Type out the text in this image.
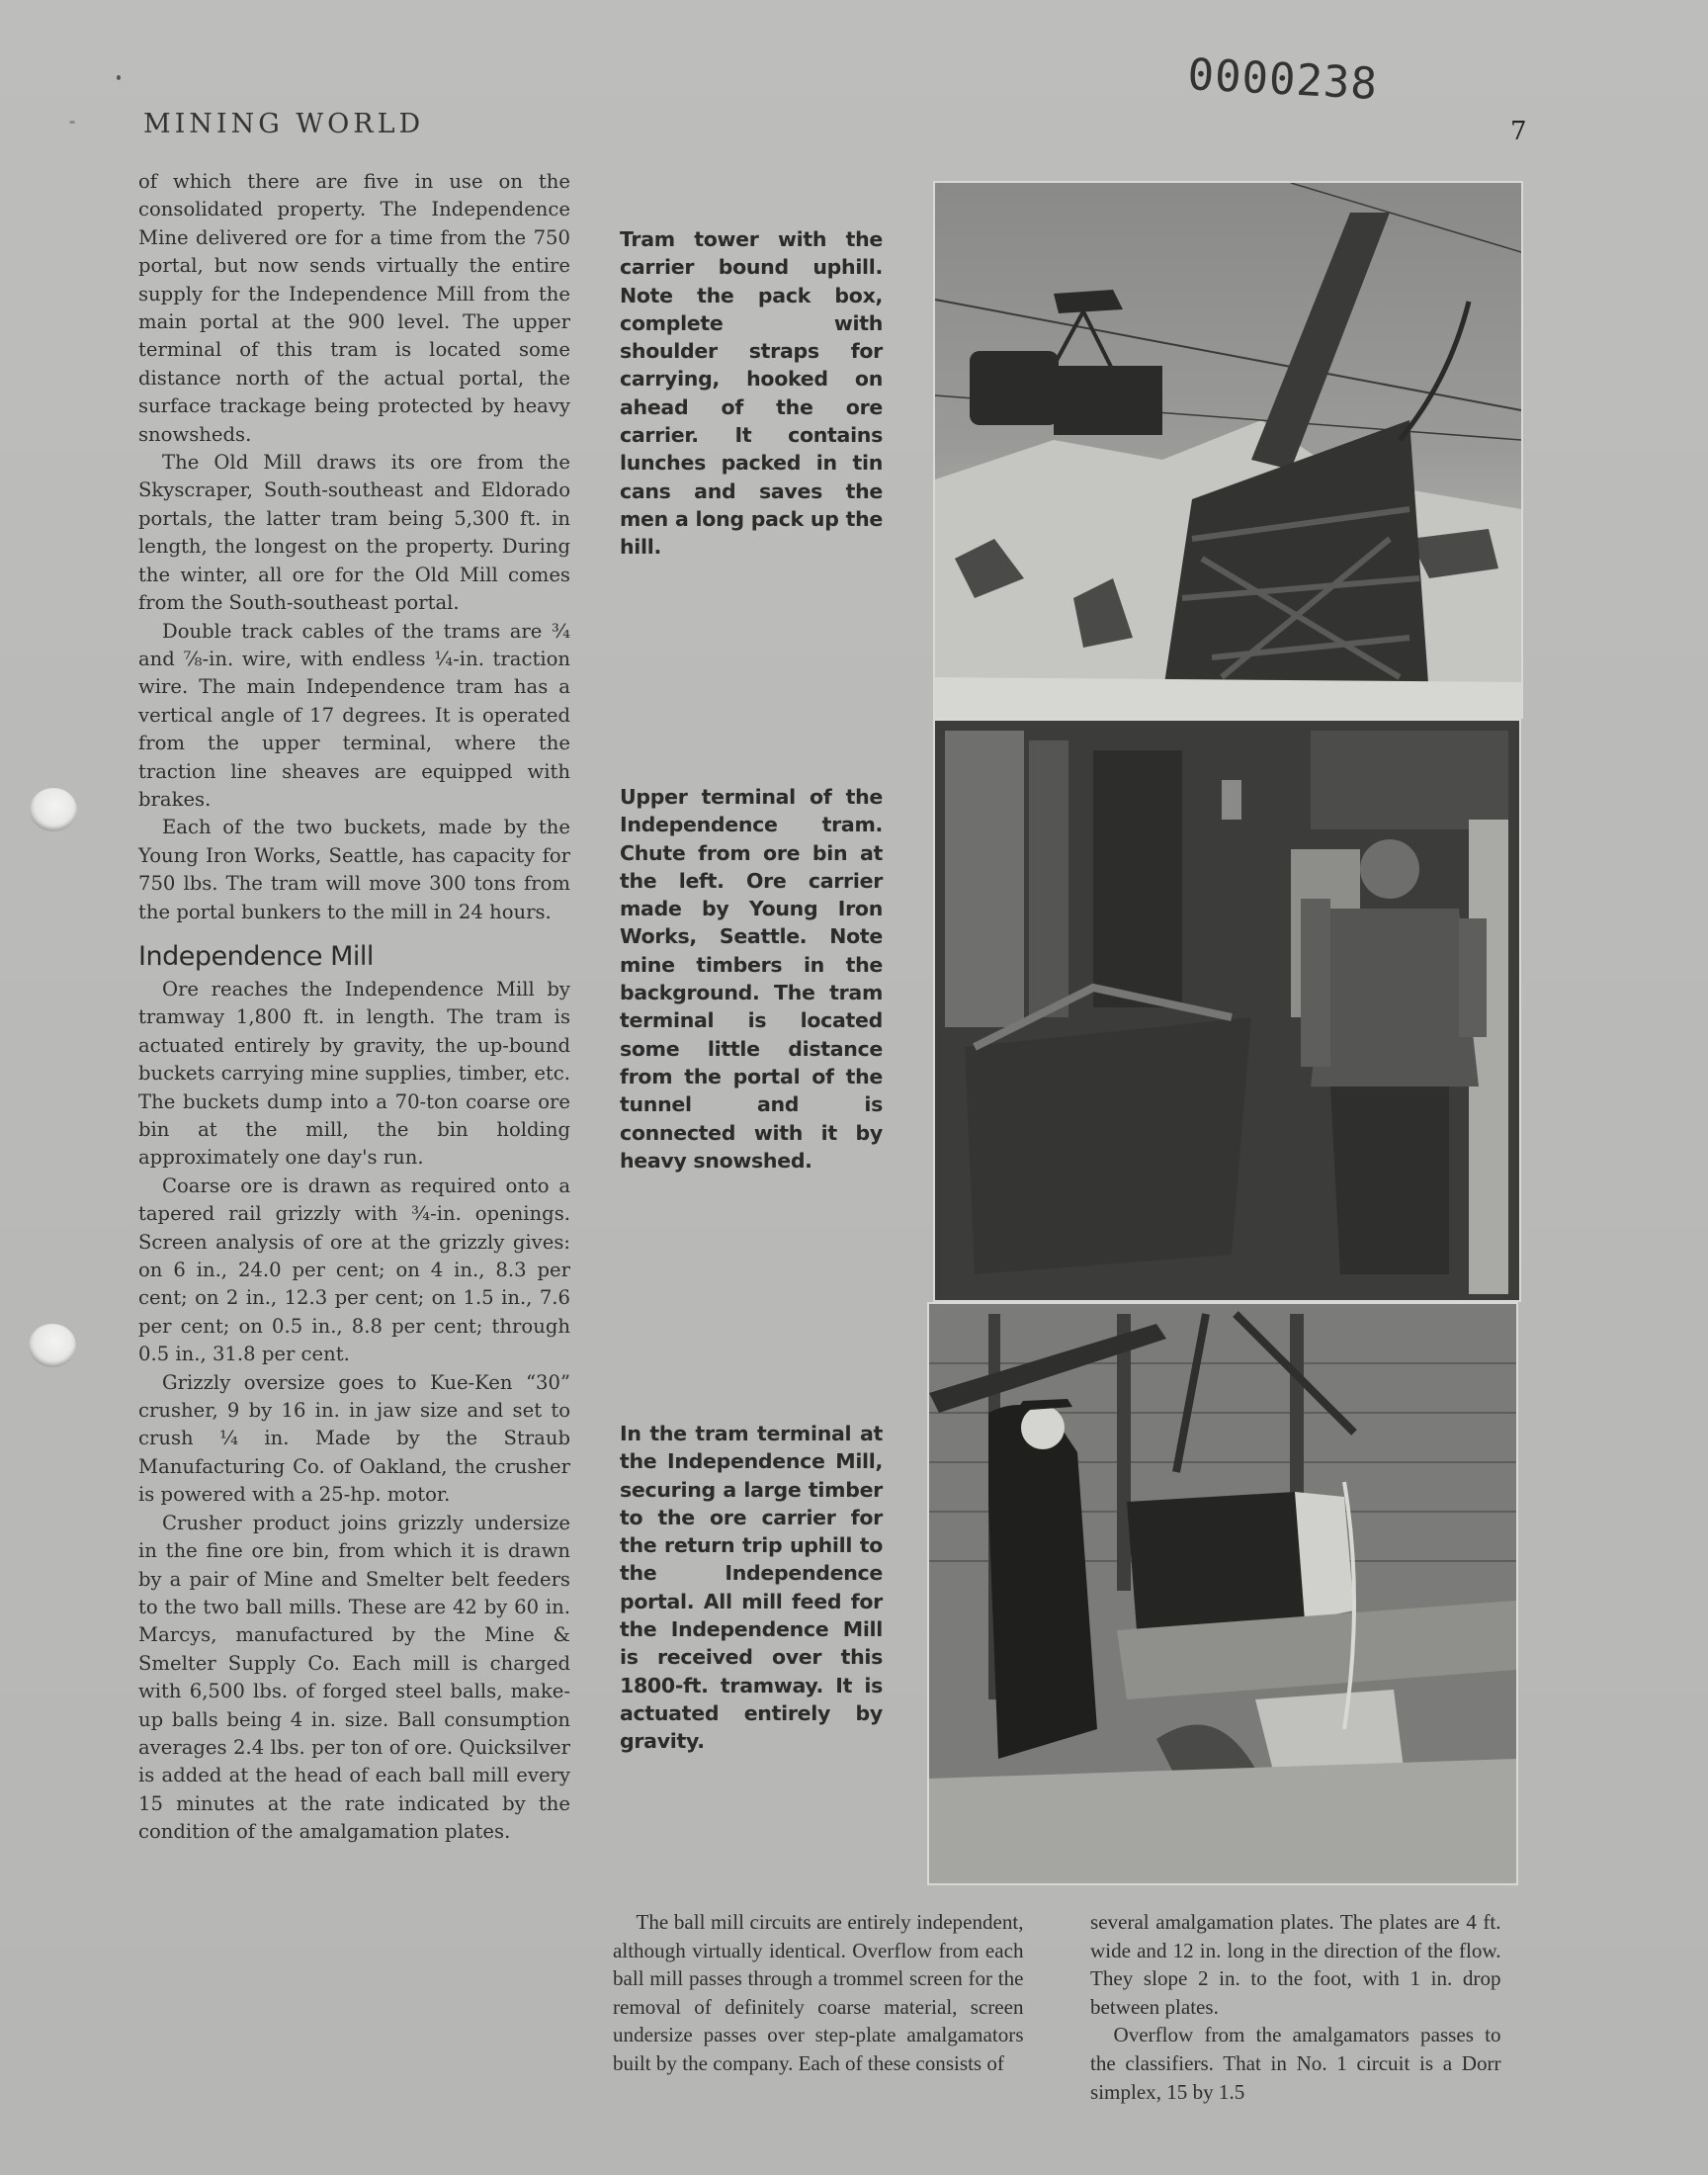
0000238
MINING WORLD	7

of which there are five in use on the consolidated property. The Independence Mine delivered ore for a time from the 750 portal, but now sends virtually the entire supply for the Independence Mill from the main portal at the 900 level. The upper terminal of this tram is located some distance north of the actual portal, the surface trackage being protected by heavy snowsheds.

The Old Mill draws its ore from the Skyscraper, South-southeast and Eldorado portals, the latter tram being 5,300 ft. in length, the longest on the property. During the winter, all ore for the Old Mill comes from the South-southeast portal.

Double track cables of the trams are ¾ and ⅞-in. wire, with endless ¼-in. traction wire. The main Independence tram has a vertical angle of 17 degrees. It is operated from the upper terminal, where the traction line sheaves are equipped with brakes.

Each of the two buckets, made by the Young Iron Works, Seattle, has capacity for 750 lbs. The tram will move 300 tons from the portal bunkers to the mill in 24 hours.

Independence Mill

Ore reaches the Independence Mill by tramway 1,800 ft. in length. The tram is actuated entirely by gravity, the up-bound buckets carrying mine supplies, timber, etc. The buckets dump into a 70-ton coarse ore bin at the mill, the bin holding approximately one day's run.

Coarse ore is drawn as required onto a tapered rail grizzly with ¾-in. openings. Screen analysis of ore at the grizzly gives: on 6 in., 24.0 per cent; on 4 in., 8.3 per cent; on 2 in., 12.3 per cent; on 1.5 in., 7.6 per cent; on 0.5 in., 8.8 per cent; through 0.5 in., 31.8 per cent.

Grizzly oversize goes to Kue-Ken “30” crusher, 9 by 16 in. in jaw size and set to crush ¼ in. Made by the Straub Manufacturing Co. of Oakland, the crusher is powered with a 25-hp. motor.

Crusher product joins grizzly undersize in the fine ore bin, from which it is drawn by a pair of Mine and Smelter belt feeders to the two ball mills. These are 42 by 60 in. Marcys, manufactured by the Mine & Smelter Supply Co. Each mill is charged with 6,500 lbs. of forged steel balls, make-up balls being 4 in. size. Ball consumption averages 2.4 lbs. per ton of ore. Quicksilver is added at the head of each ball mill every 15 minutes at the rate indicated by the condition of the amalgamation plates.

Tram tower with the carrier bound uphill. Note the pack box, complete with shoulder straps for carrying, hooked on ahead of the ore carrier. It contains lunches packed in tin cans and saves the men a long pack up the hill.
Upper terminal of the Independence tram. Chute from ore bin at the left. Ore carrier made by Young Iron Works, Seattle. Note mine timbers in the background. The tram terminal is located some little distance from the portal of the tunnel and is connected with it by heavy snowshed.
In the tram terminal at the Independence Mill, securing a large timber to the ore carrier for the return trip uphill to the Independence portal. All mill feed for the Independence Mill is received over this 1800-ft. tramway. It is actuated entirely by gravity.

The ball mill circuits are entirely independent, although virtually identical. Overflow from each ball mill passes through a trommel screen for the removal of definitely coarse material, screen undersize passes over step-plate amalgamators built by the company. Each of these consists of

several amalgamation plates. The plates are 4 ft. wide and 12 in. long in the direction of the flow. They slope 2 in. to the foot, with 1 in. drop between plates.

Overflow from the amalgamators passes to the classifiers. That in No. 1 circuit is a Dorr simplex, 15 by 1.5
